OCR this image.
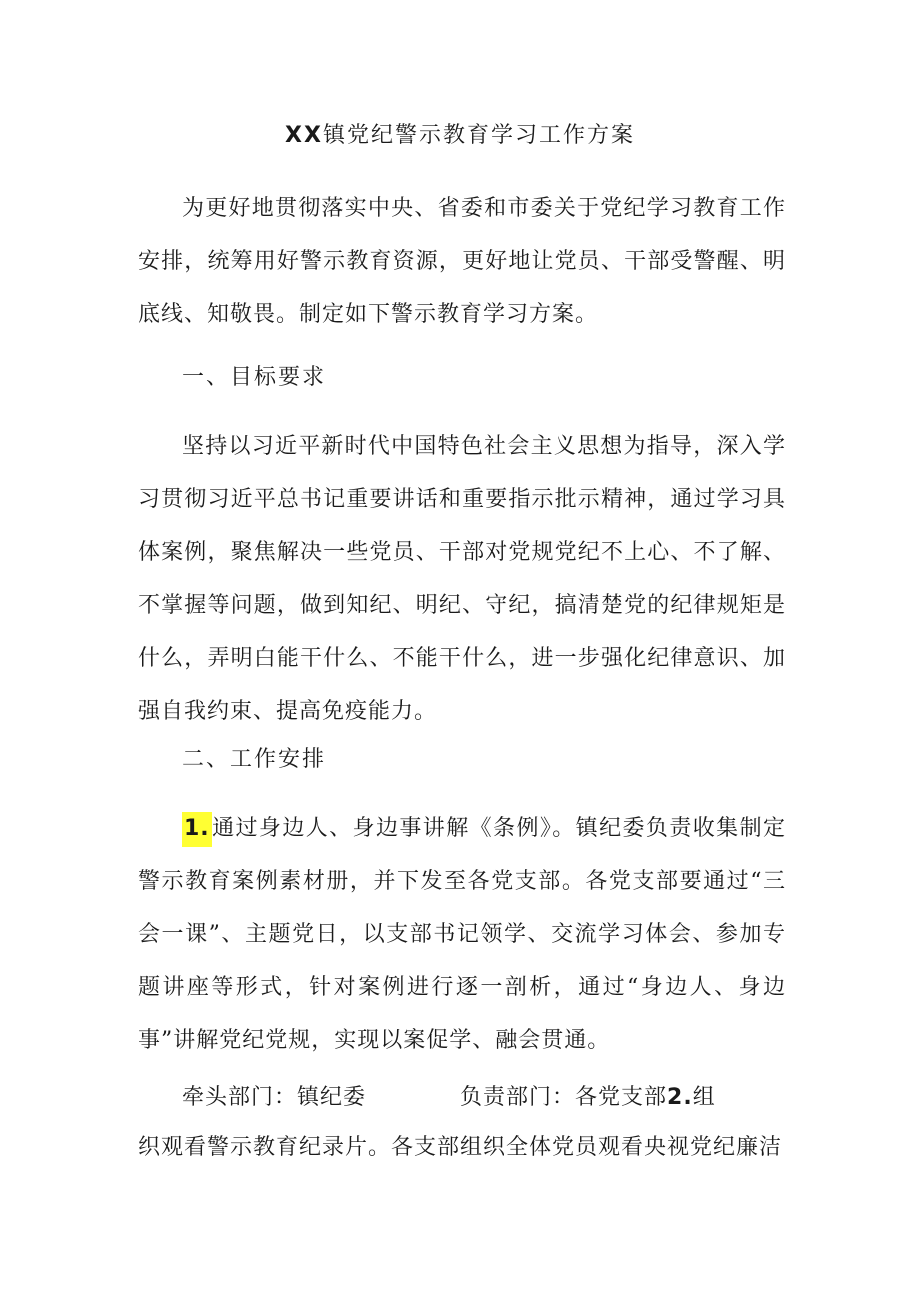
XX镇党纪警示教育学习工作方案

为更好地贯彻落实中央、省委和市委关于党纪学习教育工作安排，统筹用好警示教育资源，更好地让党员、干部受警醒、明底线、知敬畏。制定如下警示教育学习方案。

一、目标要求

坚持以习近平新时代中国特色社会主义思想为指导，深入学习贯彻习近平总书记重要讲话和重要指示批示精神，通过学习具体案例，聚焦解决一些党员、干部对党规党纪不上心、不了解、不掌握等问题，做到知纪、明纪、守纪，搞清楚党的纪律规矩是什么，弄明白能干什么、不能干什么，进一步强化纪律意识、加强自我约束、提高免疫能力。

二、工作安排

1.通过身边人、身边事讲解《条例》。镇纪委负责收集制定警示教育案例素材册，并下发至各党支部。各党支部要通过“三会一课”、主题党日，以支部书记领学、交流学习体会、参加专题讲座等形式，针对案例进行逐一剖析，通过“身边人、身边事”讲解党纪党规，实现以案促学、融会贯通。

牵头部门：镇纪委	负责部门：各党支部2.组

织观看警示教育纪录片。各支部组织全体党员观看央视党纪廉洁
